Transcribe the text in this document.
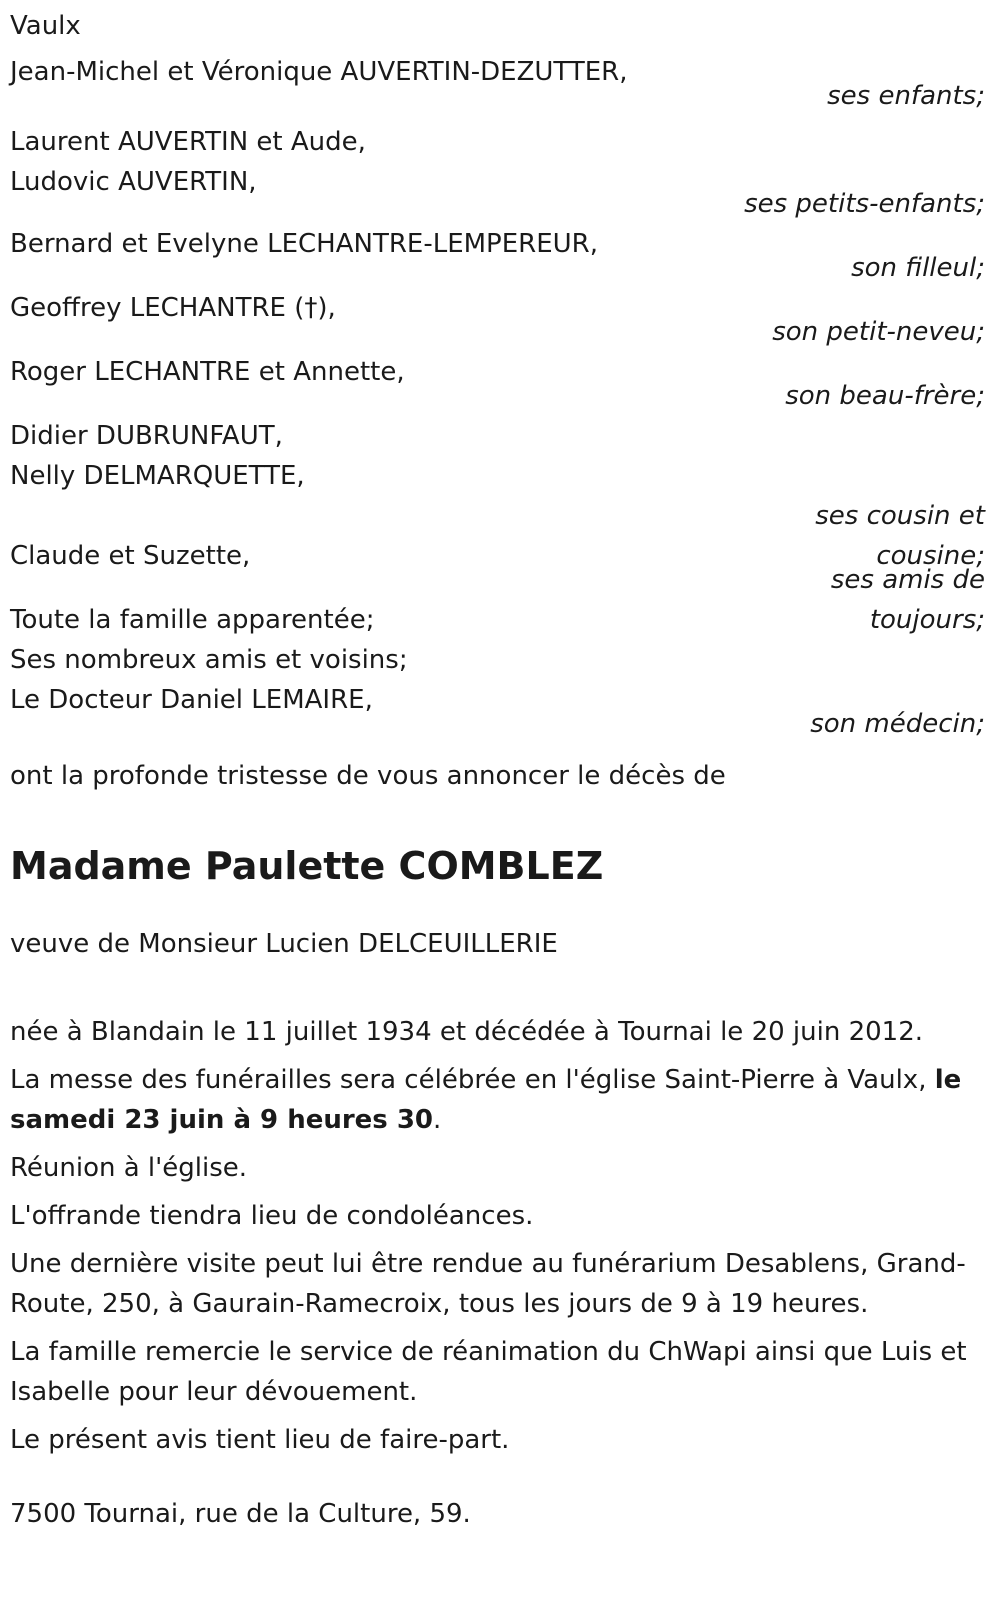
Vaulx
Jean-Michel et Véronique AUVERTIN-DEZUTTER,
ses enfants;
Laurent AUVERTIN et Aude,
Ludovic AUVERTIN,
ses petits-enfants;
Bernard et Evelyne LECHANTRE-LEMPEREUR,
son filleul;
Geoffrey LECHANTRE (†),
son petit-neveu;
Roger LECHANTRE et Annette,
son beau-frère;
Didier DUBRUNFAUT,
Nelly DELMARQUETTE,
ses cousin et cousine;
Claude et Suzette,
ses amis de toujours;
Toute la famille apparentée;
Ses nombreux amis et voisins;
Le Docteur Daniel LEMAIRE,
son médecin;
ont la profonde tristesse de vous annoncer le décès de
Madame Paulette COMBLEZ
veuve de Monsieur Lucien DELCEUILLERIE
née à Blandain le 11 juillet 1934 et décédée à Tournai le 20 juin 2012.
La messe des funérailles sera célébrée en l'église Saint-Pierre à Vaulx, le samedi 23 juin à 9 heures 30.
Réunion à l'église.
L'offrande tiendra lieu de condoléances.
Une dernière visite peut lui être rendue au funérarium Desablens, Grand-Route, 250, à Gaurain-Ramecroix, tous les jours de 9 à 19 heures.
La famille remercie le service de réanimation du ChWapi ainsi que Luis et Isabelle pour leur dévouement.
Le présent avis tient lieu de faire-part.
7500 Tournai, rue de la Culture, 59.
